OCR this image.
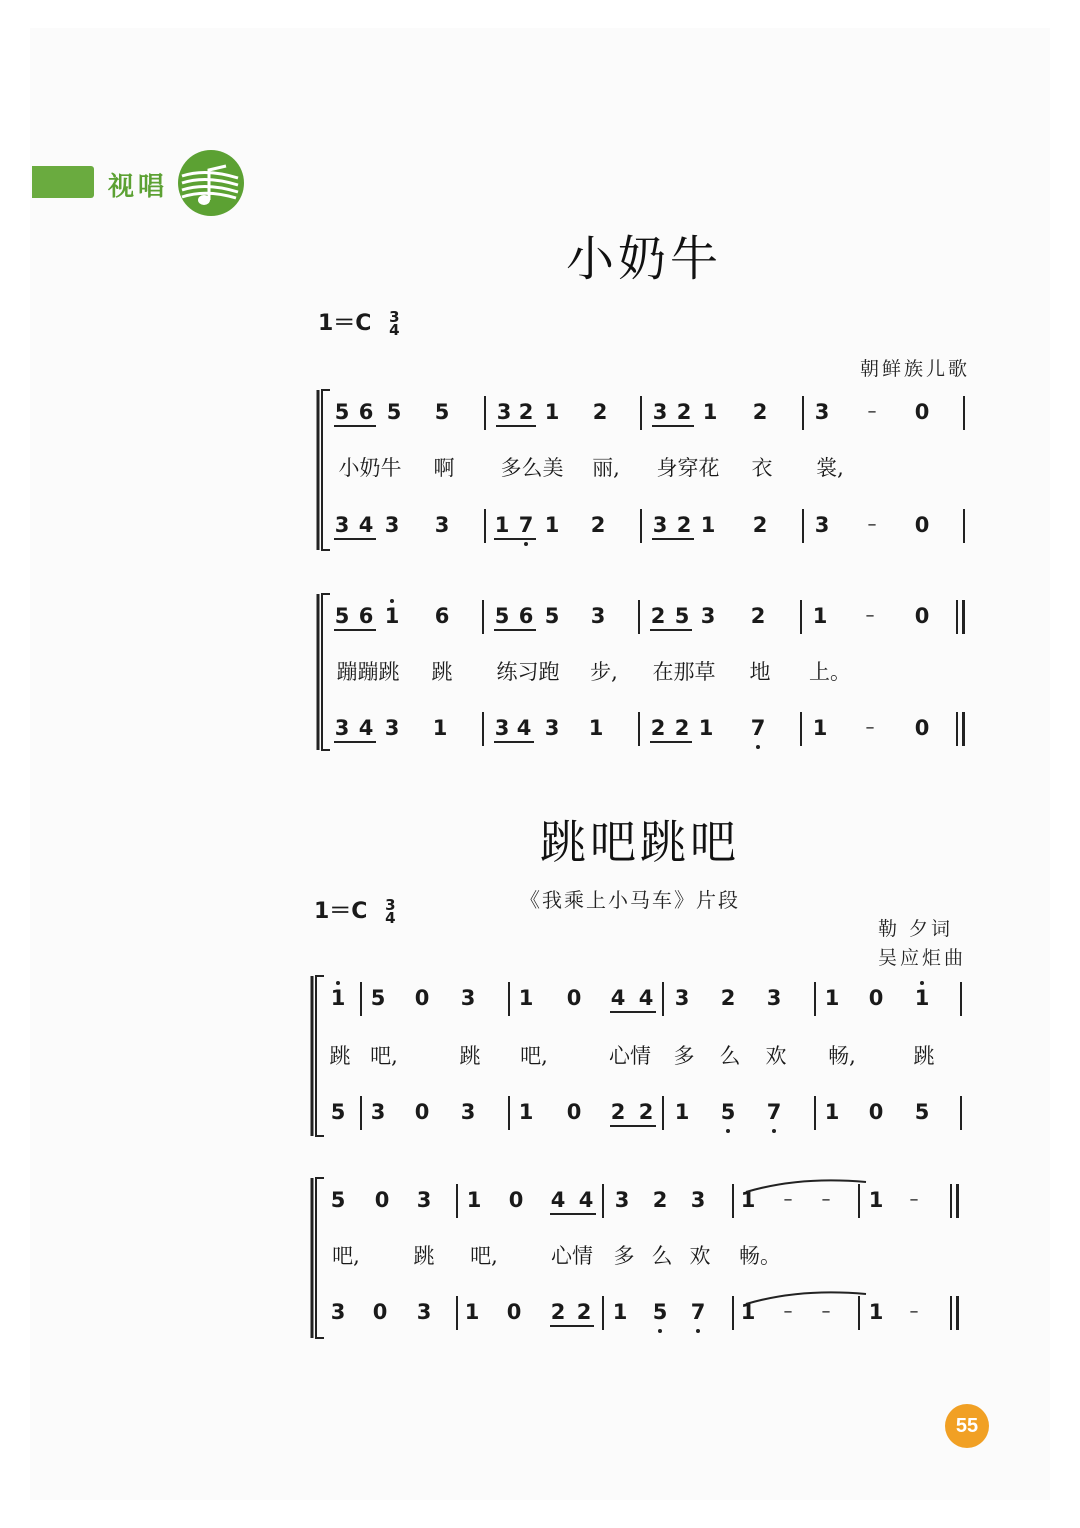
视唱
小奶牛
1＝C 3
4
朝鲜族儿歌
5 6 5 5 3 2 1 2 3 2 1 2 3 – 0
小奶牛 啊 多么美 丽, 身穿花 衣 裳,
3 4 3 3 1 7 1 2 3 2 1 2 3 – 0
5 6 1 6 5 6 5 3 2 5 3 2 1 – 0
蹦蹦跳 跳 练习跑 步, 在那草 地 上。
3 4 3 1 3 4 3 1 2 2 1 7 1 – 0
跳吧跳吧
《我乘上小马车》片段
1＝C 3
4	勒 夕词
吴应炬曲
1 5 0 3 1 0 4 4 3 2 3 1 0 1
跳 吧,	跳 吧,	心情 多 么 欢 畅,	跳
5 3 0 3 1 0 2 2 1 5 7 1 0 5
5 0 3 1 0 4 4 3 2 3 1 – – 1 –
吧,	跳 吧,	心情 多 么 欢 畅。
3 0 3 1 0 2 2 1 5 7 1 – – 1 –
55
